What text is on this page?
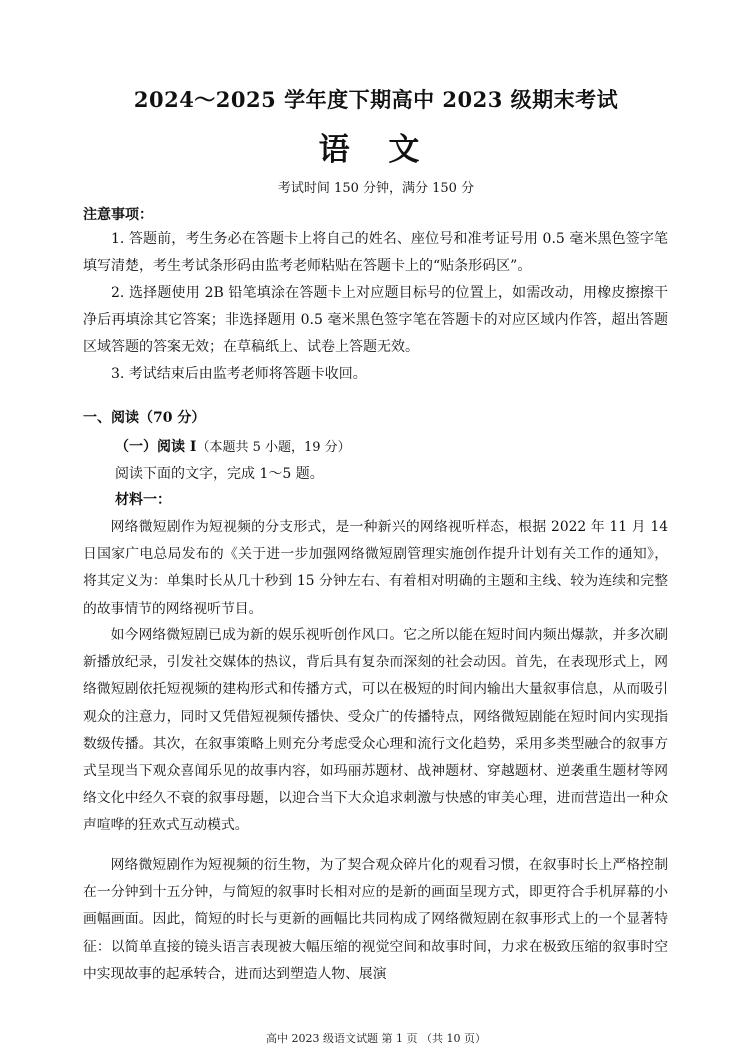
2024～2025 学年度下期高中 2023 级期末考试
语 文
考试时间 150 分钟，满分 150 分
注意事项：
1. 答题前，考生务必在答题卡上将自己的姓名、座位号和准考证号用 0.5 毫米黑色签字笔填写清楚，考生考试条形码由监考老师粘贴在答题卡上的“贴条形码区”。
2. 选择题使用 2B 铅笔填涂在答题卡上对应题目标号的位置上，如需改动，用橡皮擦擦干净后再填涂其它答案；非选择题用 0.5 毫米黑色签字笔在答题卡的对应区域内作答，超出答题区域答题的答案无效；在草稿纸上、试卷上答题无效。
3. 考试结束后由监考老师将答题卡收回。
一、阅读（70 分）
（一）阅读 I（本题共 5 小题，19 分）
阅读下面的文字，完成 1～5 题。
材料一：
网络微短剧作为短视频的分支形式，是一种新兴的网络视听样态，根据 2022 年 11 月 14 日国家广电总局发布的《关于进一步加强网络微短剧管理实施创作提升计划有关工作的通知》，将其定义为：单集时长从几十秒到 15 分钟左右、有着相对明确的主题和主线、较为连续和完整的故事情节的网络视听节目。
如今网络微短剧已成为新的娱乐视听创作风口。它之所以能在短时间内频出爆款，并多次刷新播放纪录，引发社交媒体的热议，背后具有复杂而深刻的社会动因。首先，在表现形式上，网络微短剧依托短视频的建构形式和传播方式，可以在极短的时间内输出大量叙事信息，从而吸引观众的注意力，同时又凭借短视频传播快、受众广的传播特点，网络微短剧能在短时间内实现指数级传播。其次，在叙事策略上则充分考虑受众心理和流行文化趋势，采用多类型融合的叙事方式呈现当下观众喜闻乐见的故事内容，如玛丽苏题材、战神题材、穿越题材、逆袭重生题材等网络文化中经久不衰的叙事母题，以迎合当下大众追求刺激与快感的审美心理，进而营造出一种众声喧哗的狂欢式互动模式。
网络微短剧作为短视频的衍生物，为了契合观众碎片化的观看习惯，在叙事时长上严格控制在一分钟到十五分钟，与简短的叙事时长相对应的是新的画面呈现方式，即更符合手机屏幕的小画幅画面。因此，简短的时长与更新的画幅比共同构成了网络微短剧在叙事形式上的一个显著特征：以简单直接的镜头语言表现被大幅压缩的视觉空间和故事时间，力求在极致压缩的叙事时空中实现故事的起承转合，进而达到塑造人物、展演
高中 2023 级语文试题 第 1 页 （共 10 页）
